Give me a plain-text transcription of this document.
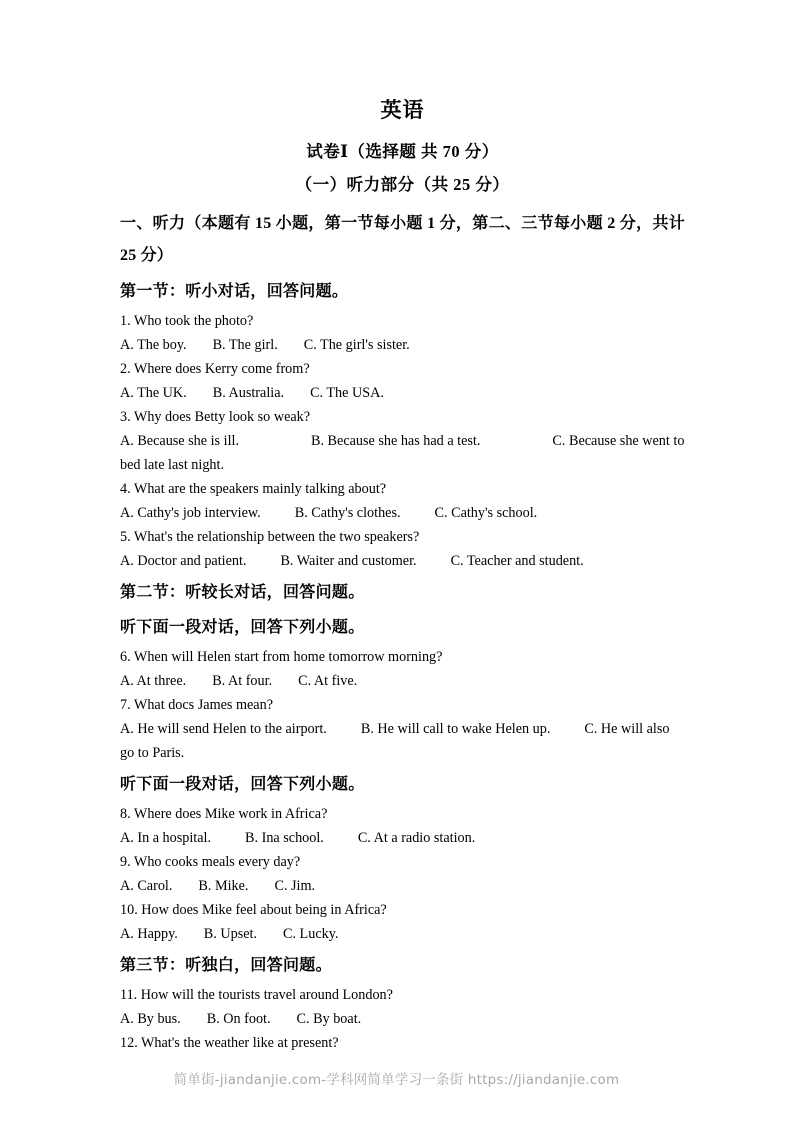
英语
试卷Ⅰ（选择题 共 70 分）
（一）听力部分（共 25 分）

一、听力（本题有 15 小题，第一节每小题 1 分，第二、三节每小题 2 分，共计 25 分）

第一节：听小对话，回答问题。

1. Who took the photo?

A. The boy. B. The girl. C. The girl's sister.

2. Where does Kerry come from?

A. The UK. B. Australia. C. The USA.

3. Why does Betty look so weak?

A. Because she is ill.	B. Because she has had a test.	C. Because she went to bed late last night.

4. What are the speakers mainly talking about?

A. Cathy's job interview. B. Cathy's clothes. C. Cathy's school.

5. What's the relationship between the two speakers?

A. Doctor and patient. B. Waiter and customer. C. Teacher and student.

第二节：听较长对话，回答问题。
听下面一段对话，回答下列小题。

6. When will Helen start from home tomorrow morning?

A. At three. B. At four. C. At five.

7. What docs James mean?

A. He will send Helen to the airport. B. He will call to wake Helen up. C. He will also go to Paris.

听下面一段对话，回答下列小题。

8. Where does Mike work in Africa?

A. In a hospital. B. Ina school. C. At a radio station.

9. Who cooks meals every day?

A. Carol. B. Mike. C. Jim.

10. How does Mike feel about being in Africa?

A. Happy. B. Upset. C. Lucky.

第三节：听独白，回答问题。

11. How will the tourists travel around London?

A. By bus. B. On foot. C. By boat.

12. What's the weather like at present?

简单街-jiandanjie.com-学科网简单学习一条街 https://jiandanjie.com
